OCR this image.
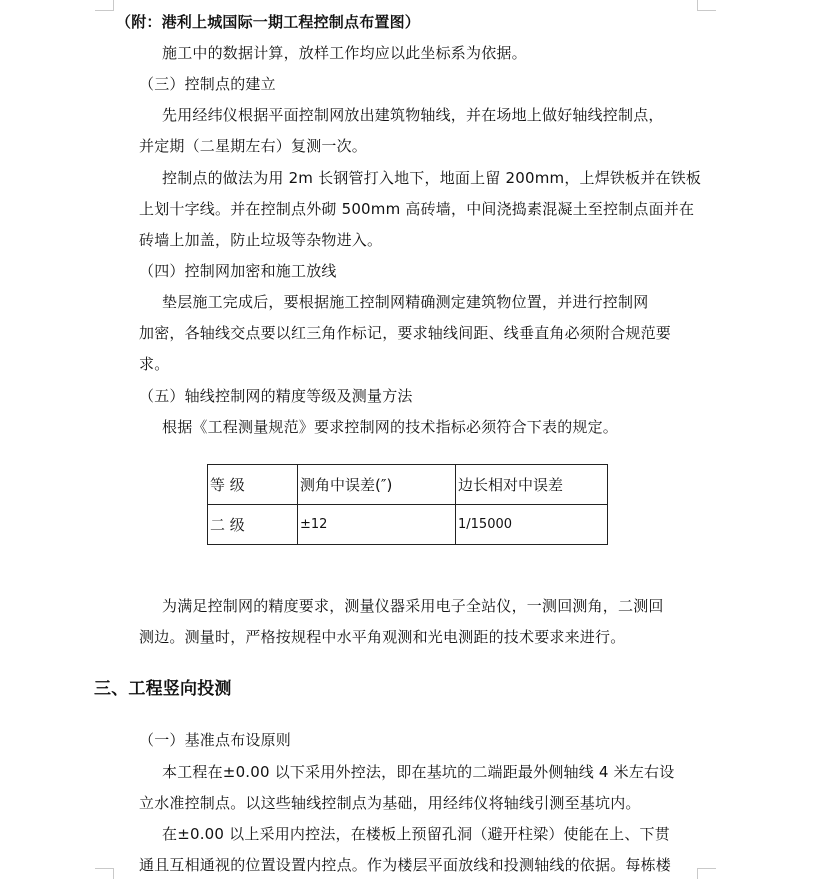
（附：港利上城国际一期工程控制点布置图）
施工中的数据计算，放样工作均应以此坐标系为依据。
（三）控制点的建立
先用经纬仪根据平面控制网放出建筑物轴线，并在场地上做好轴线控制点，
并定期（二星期左右）复测一次。
控制点的做法为用 2m 长钢管打入地下，地面上留 200mm，上焊铁板并在铁板
上划十字线。并在控制点外砌 500mm 高砖墙，中间浇捣素混凝土至控制点面并在
砖墙上加盖，防止垃圾等杂物进入。
（四）控制网加密和施工放线
垫层施工完成后，要根据施工控制网精确测定建筑物位置，并进行控制网
加密，各轴线交点要以红三角作标记，要求轴线间距、线垂直角必须附合规范要
求。
（五）轴线控制网的精度等级及测量方法
根据《工程测量规范》要求控制网的技术指标必须符合下表的规定。
等 级	测角中误差(″)	边长相对中误差
二 级	±12	1/15000
为满足控制网的精度要求，测量仪器采用电子全站仪，一测回测角，二测回
测边。测量时，严格按规程中水平角观测和光电测距的技术要求来进行。
三、工程竖向投测
（一）基准点布设原则
本工程在±0.00 以下采用外控法，即在基坑的二端距最外侧轴线 4 米左右设
立水准控制点。以这些轴线控制点为基础，用经纬仪将轴线引测至基坑内。
在±0.00 以上采用内控法，在楼板上预留孔洞（避开柱梁）使能在上、下贯
通且互相通视的位置设置内控点。作为楼层平面放线和投测轴线的依据。每栋楼
